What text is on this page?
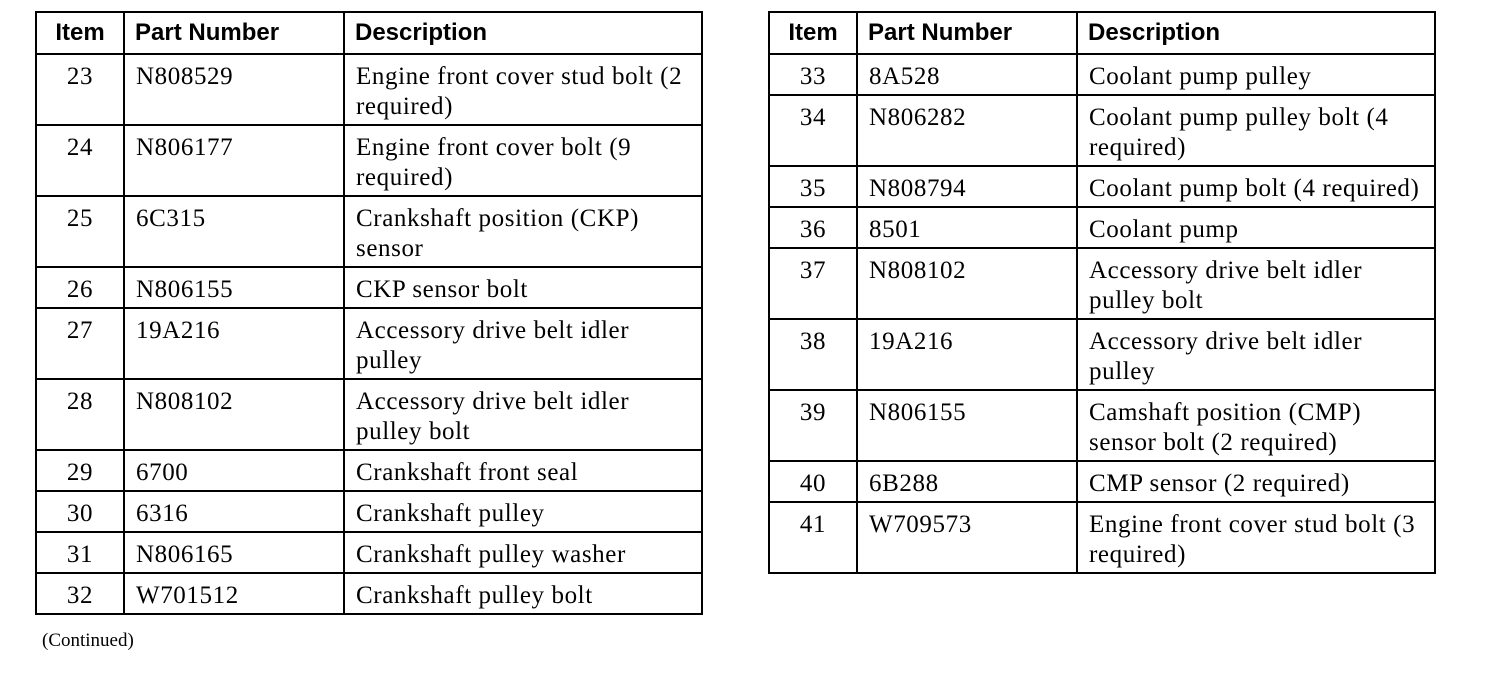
Item	Part Number	Description
23	N808529	Engine front cover stud bolt (2 required)
24	N806177	Engine front cover bolt (9 required)
25	6C315	Crankshaft position (CKP) sensor
26	N806155	CKP sensor bolt
27	19A216	Accessory drive belt idler pulley
28	N808102	Accessory drive belt idler pulley bolt
29	6700	Crankshaft front seal
30	6316	Crankshaft pulley
31	N806165	Crankshaft pulley washer
32	W701512	Crankshaft pulley bolt
Item	Part Number	Description
33	8A528	Coolant pump pulley
34	N806282	Coolant pump pulley bolt (4 required)
35	N808794	Coolant pump bolt (4 required)
36	8501	Coolant pump
37	N808102	Accessory drive belt idler pulley bolt
38	19A216	Accessory drive belt idler pulley
39	N806155	Camshaft position (CMP) sensor bolt (2 required)
40	6B288	CMP sensor (2 required)
41	W709573	Engine front cover stud bolt (3 required)
(Continued)
